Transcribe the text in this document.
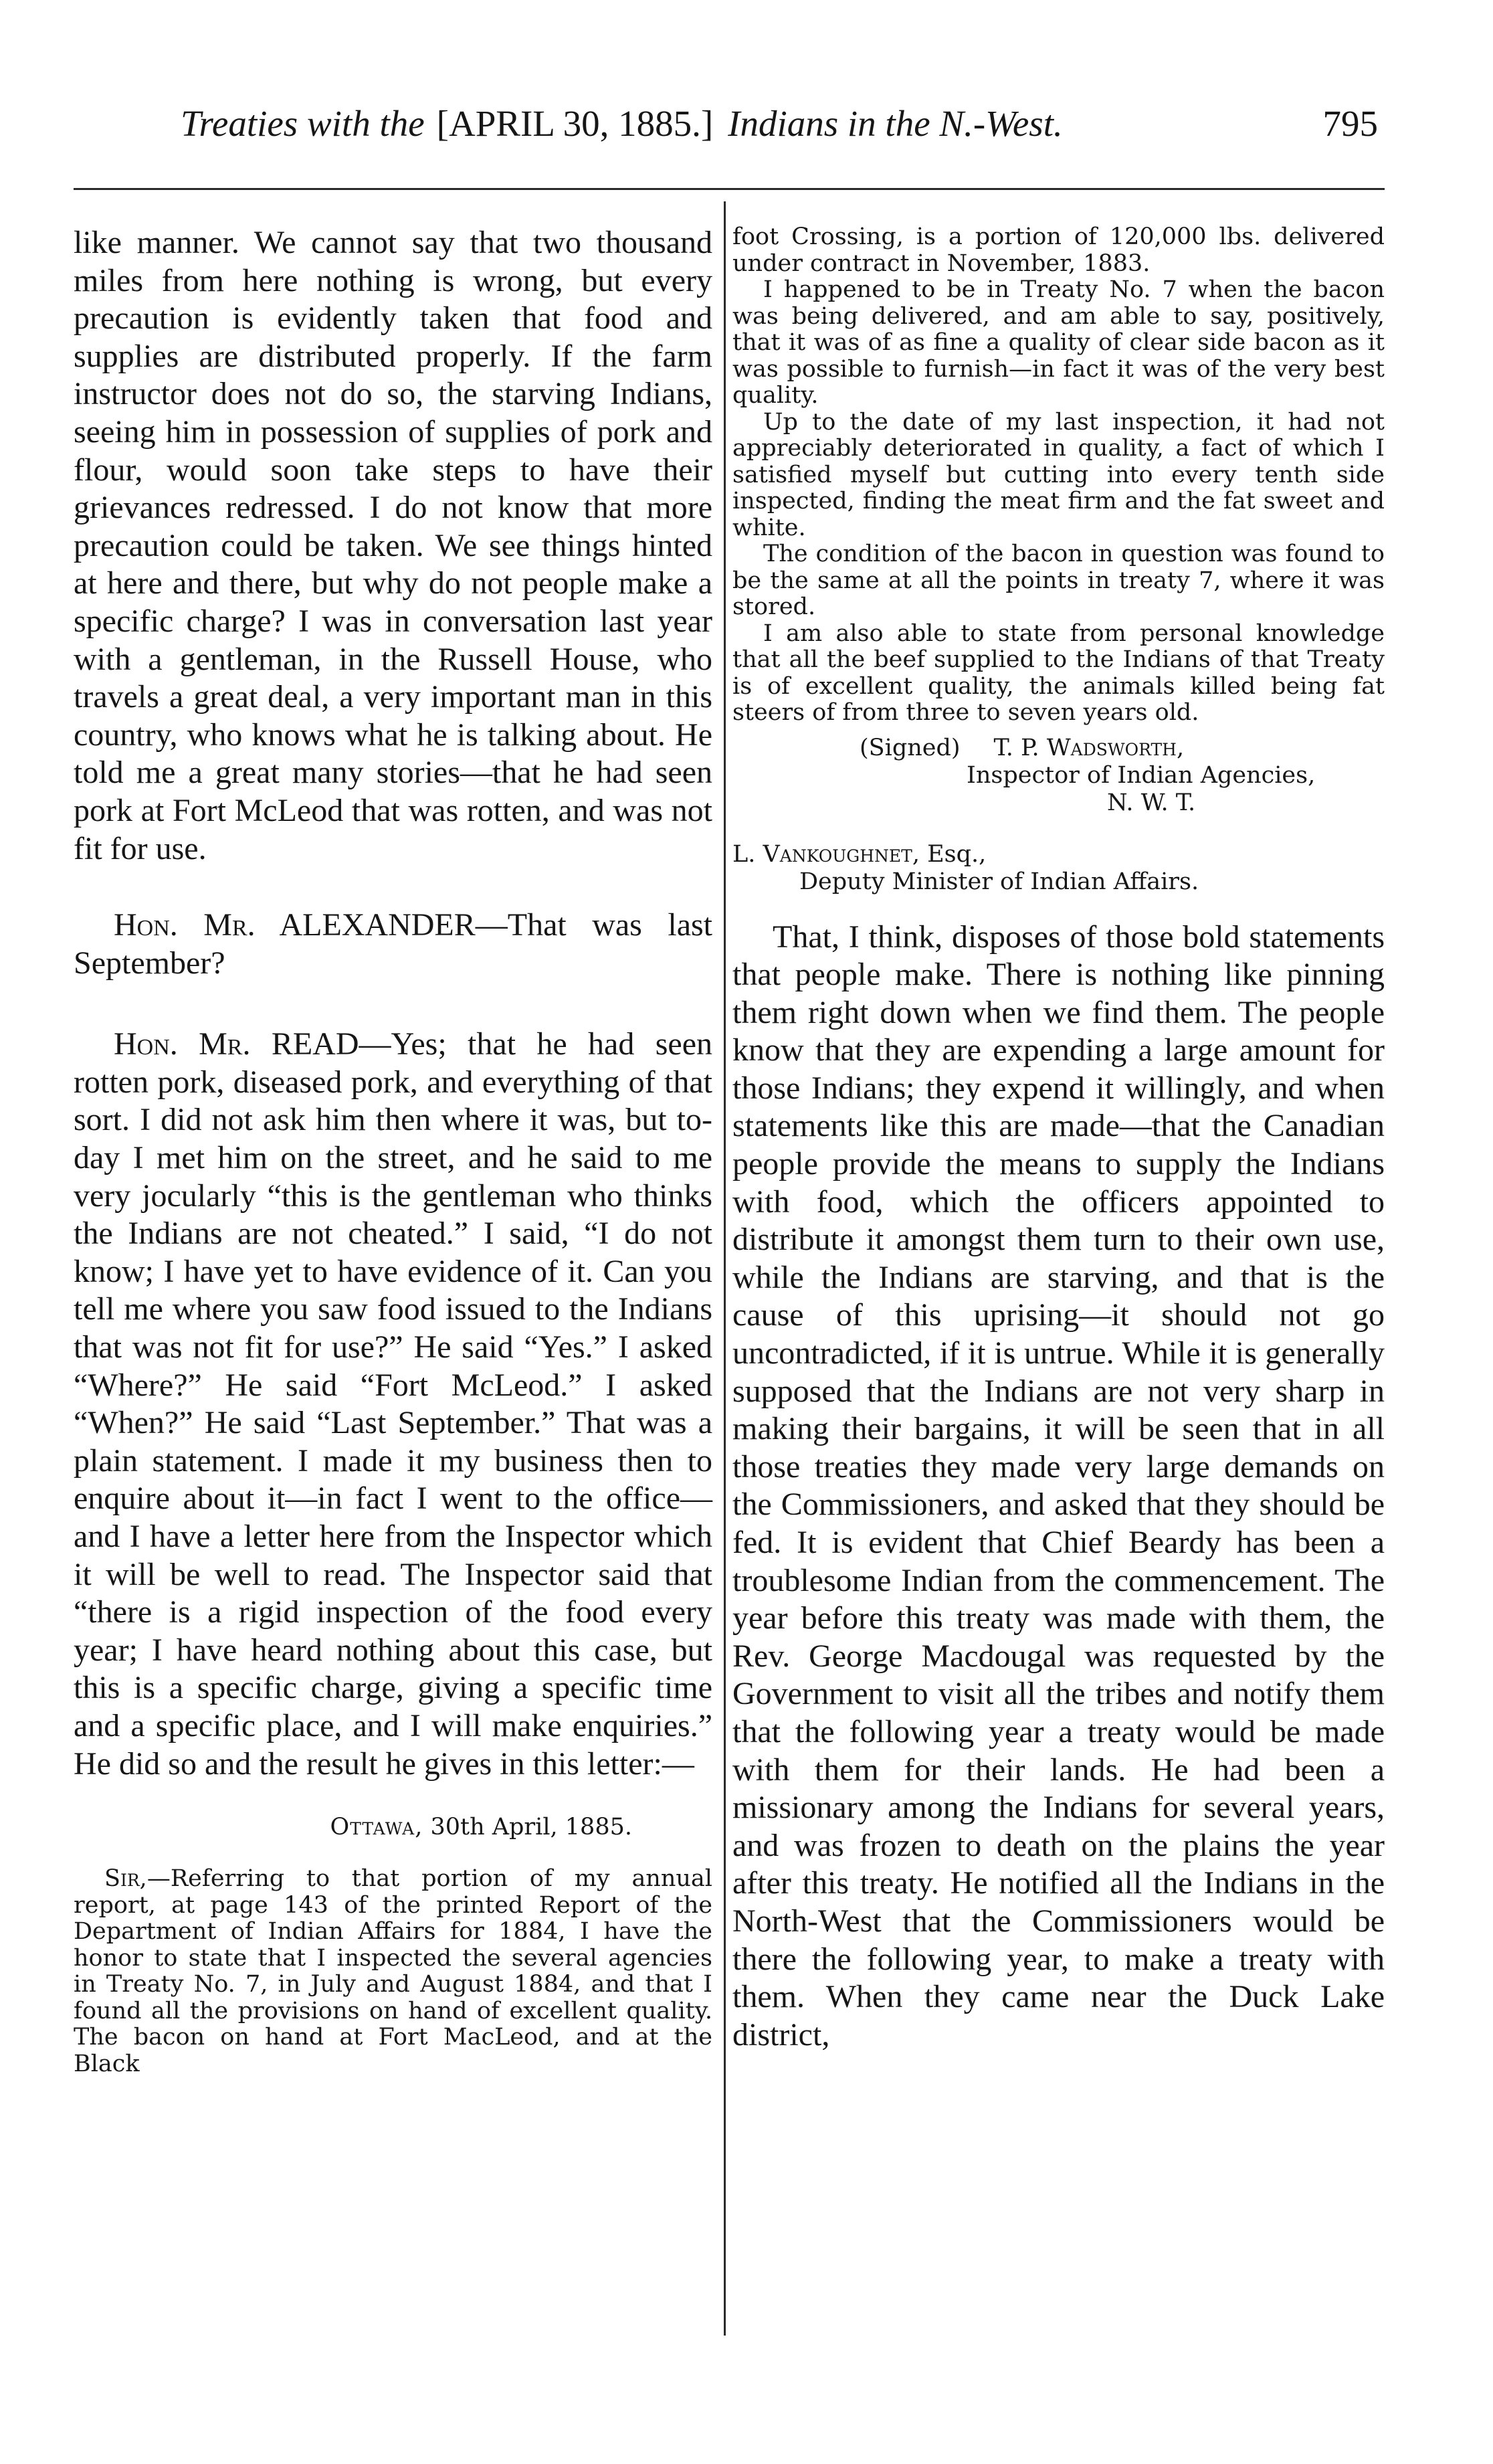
Treaties with the [APRIL 30, 1885.] Indians in the N.-West.	795

like manner. We cannot say that two thousand miles from here nothing is wrong, but every precaution is evidently taken that food and supplies are distributed properly. If the farm instructor does not do so, the starving Indians, seeing him in possession of supplies of pork and flour, would soon take steps to have their grievances redressed. I do not know that more precaution could be taken. We see things hinted at here and there, but why do not people make a specific charge? I was in conversation last year with a gentleman, in the Russell House, who travels a great deal, a very important man in this country, who knows what he is talking about. He told me a great many stories—that he had seen pork at Fort McLeod that was rotten, and was not fit for use.

Hon. Mr. ALEXANDER—That was last September?

Hon. Mr. READ—Yes; that he had seen rotten pork, diseased pork, and everything of that sort. I did not ask him then where it was, but to-day I met him on the street, and he said to me very jocularly “this is the gentleman who thinks the Indians are not cheated.” I said, “I do not know; I have yet to have evidence of it. Can you tell me where you saw food issued to the Indians that was not fit for use?” He said “Yes.” I asked “Where?” He said “Fort McLeod.” I asked “When?” He said “Last September.” That was a plain statement. I made it my business then to enquire about it—in fact I went to the office—and I have a letter here from the Inspector which it will be well to read. The Inspector said that “there is a rigid inspection of the food every year; I have heard nothing about this case, but this is a specific charge, giving a specific time and a specific place, and I will make enquiries.” He did so and the result he gives in this letter:—

Ottawa, 30th April, 1885.

Sir,—Referring to that portion of my annual report, at page 143 of the printed Report of the Department of Indian Affairs for 1884, I have the honor to state that I inspected the several agencies in Treaty No. 7, in July and August 1884, and that I found all the provisions on hand of excellent quality. The bacon on hand at Fort MacLeod, and at the Black

foot Crossing, is a portion of 120,000 lbs. delivered under contract in November, 1883.

I happened to be in Treaty No. 7 when the bacon was being delivered, and am able to say, positively, that it was of as fine a quality of clear side bacon as it was possible to furnish—in fact it was of the very best quality.

Up to the date of my last inspection, it had not appreciably deteriorated in quality, a fact of which I satisfied myself but cutting into every tenth side inspected, finding the meat firm and the fat sweet and white.

The condition of the bacon in question was found to be the same at all the points in treaty 7, where it was stored.

I am also able to state from personal knowledge that all the beef supplied to the Indians of that Treaty is of excellent quality, the animals killed being fat steers of from three to seven years old.

(Signed) T. P. Wadsworth,

Inspector of Indian Agencies,

N. W. T.

L. Vankoughnet, Esq.,

Deputy Minister of Indian Affairs.

That, I think, disposes of those bold statements that people make. There is nothing like pinning them right down when we find them. The people know that they are expending a large amount for those Indians; they expend it willingly, and when statements like this are made—that the Canadian people provide the means to supply the Indians with food, which the officers appointed to distribute it amongst them turn to their own use, while the Indians are starving, and that is the cause of this uprising—it should not go uncontradicted, if it is untrue. While it is generally supposed that the Indians are not very sharp in making their bargains, it will be seen that in all those treaties they made very large demands on the Commissioners, and asked that they should be fed. It is evident that Chief Beardy has been a troublesome Indian from the commencement. The year before this treaty was made with them, the Rev. George Macdougal was requested by the Government to visit all the tribes and notify them that the following year a treaty would be made with them for their lands. He had been a missionary among the Indians for several years, and was frozen to death on the plains the year after this treaty. He notified all the Indians in the North-West that the Commissioners would be there the following year, to make a treaty with them. When they came near the Duck Lake district,
